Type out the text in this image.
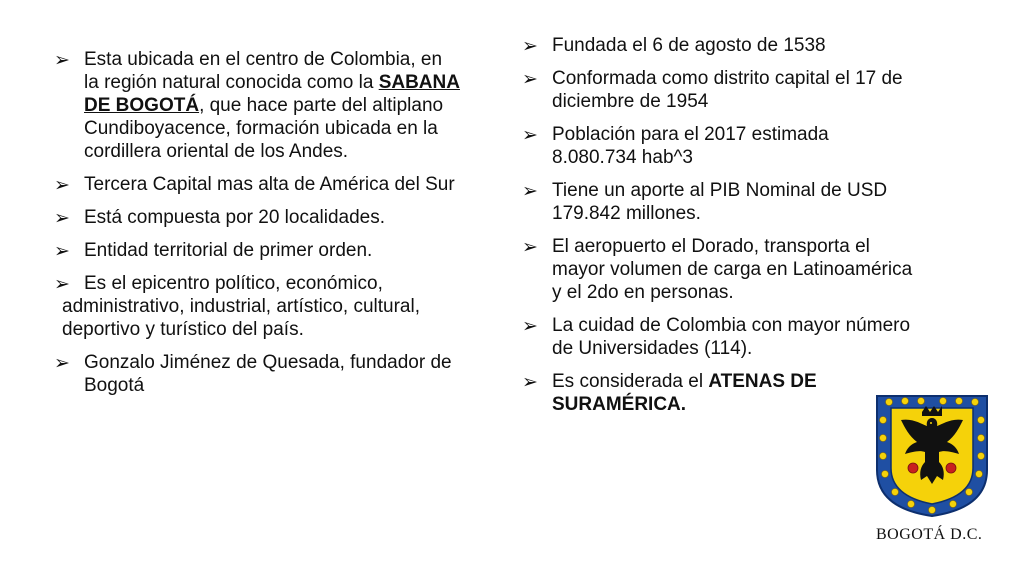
➢ Esta ubicada en el centro de Colombia, en la región natural conocida como la SABANA DE BOGOTÁ, que hace parte del altiplano Cundiboyacence, formación ubicada en la cordillera oriental de los Andes.
➢ Tercera Capital mas alta de América del Sur
➢ Está compuesta por 20 localidades.
➢ Entidad territorial de primer orden.
➢ Es el epicentro político, económico,
administrativo, industrial, artístico, cultural, deportivo y turístico del país.
➢ Gonzalo Jiménez de Quesada, fundador de Bogotá
➢ Fundada el 6 de agosto de 1538
➢ Conformada como distrito capital el 17 de diciembre de 1954
➢ Población para el 2017 estimada 8.080.734 hab^3
➢ Tiene un aporte al PIB Nominal de USD 179.842 millones.
➢ El aeropuerto el Dorado, transporta el mayor volumen de carga en Latinoamérica y el 2do en personas.
➢ La cuidad de Colombia con mayor número de Universidades (114).
➢ Es considerada el ATENAS DE SURAMÉRICA.
BOGOTÁ D.C.
